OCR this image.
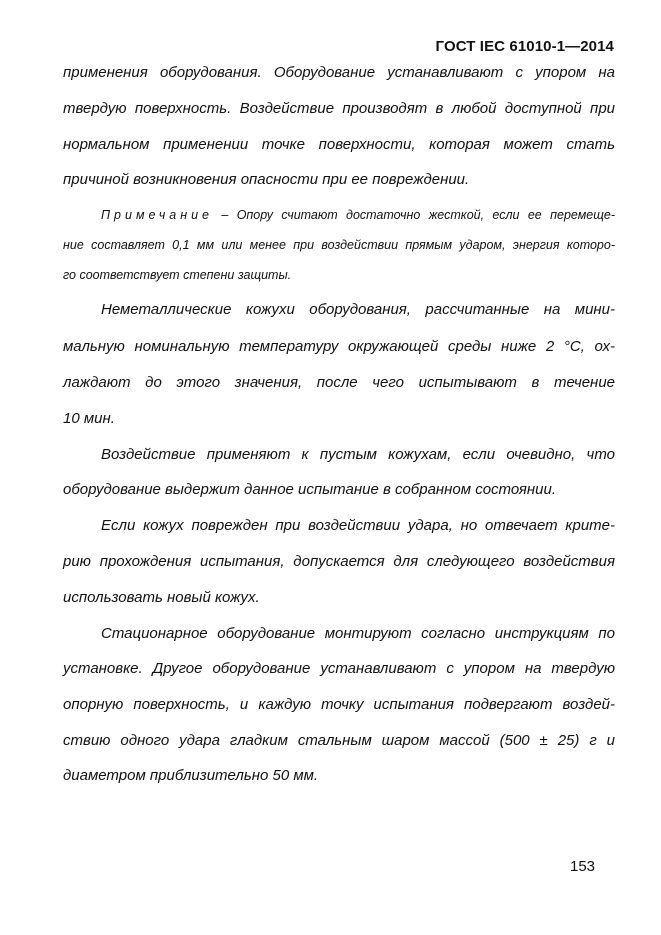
ГОСТ IEC 61010-1—2014
применения оборудования. Оборудование устанавливают с упором на
твердую поверхность. Воздействие производят в любой доступной при
нормальном применении точке поверхности, которая может стать
причиной возникновения опасности при ее повреждении.
Примечание – Опору считают достаточно жесткой, если ее перемеще-
ние составляет 0,1 мм или менее при воздействии прямым ударом, энергия которо-
го соответствует степени защиты.
Неметаллические кожухи оборудования, рассчитанные на мини-
мальную номинальную температуру окружающей среды ниже 2 °С, ох-
лаждают до этого значения, после чего испытывают в течение
10 мин.
Воздействие применяют к пустым кожухам, если очевидно, что
оборудование выдержит данное испытание в собранном состоянии.
Если кожух поврежден при воздействии удара, но отвечает крите-
рию прохождения испытания, допускается для следующего воздействия
использовать новый кожух.
Стационарное оборудование монтируют согласно инструкциям по
установке. Другое оборудование устанавливают с упором на твердую
опорную поверхность, и каждую точку испытания подвергают воздей-
ствию одного удара гладким стальным шаром массой (500 ± 25) г и
диаметром приблизительно 50 мм.
153
